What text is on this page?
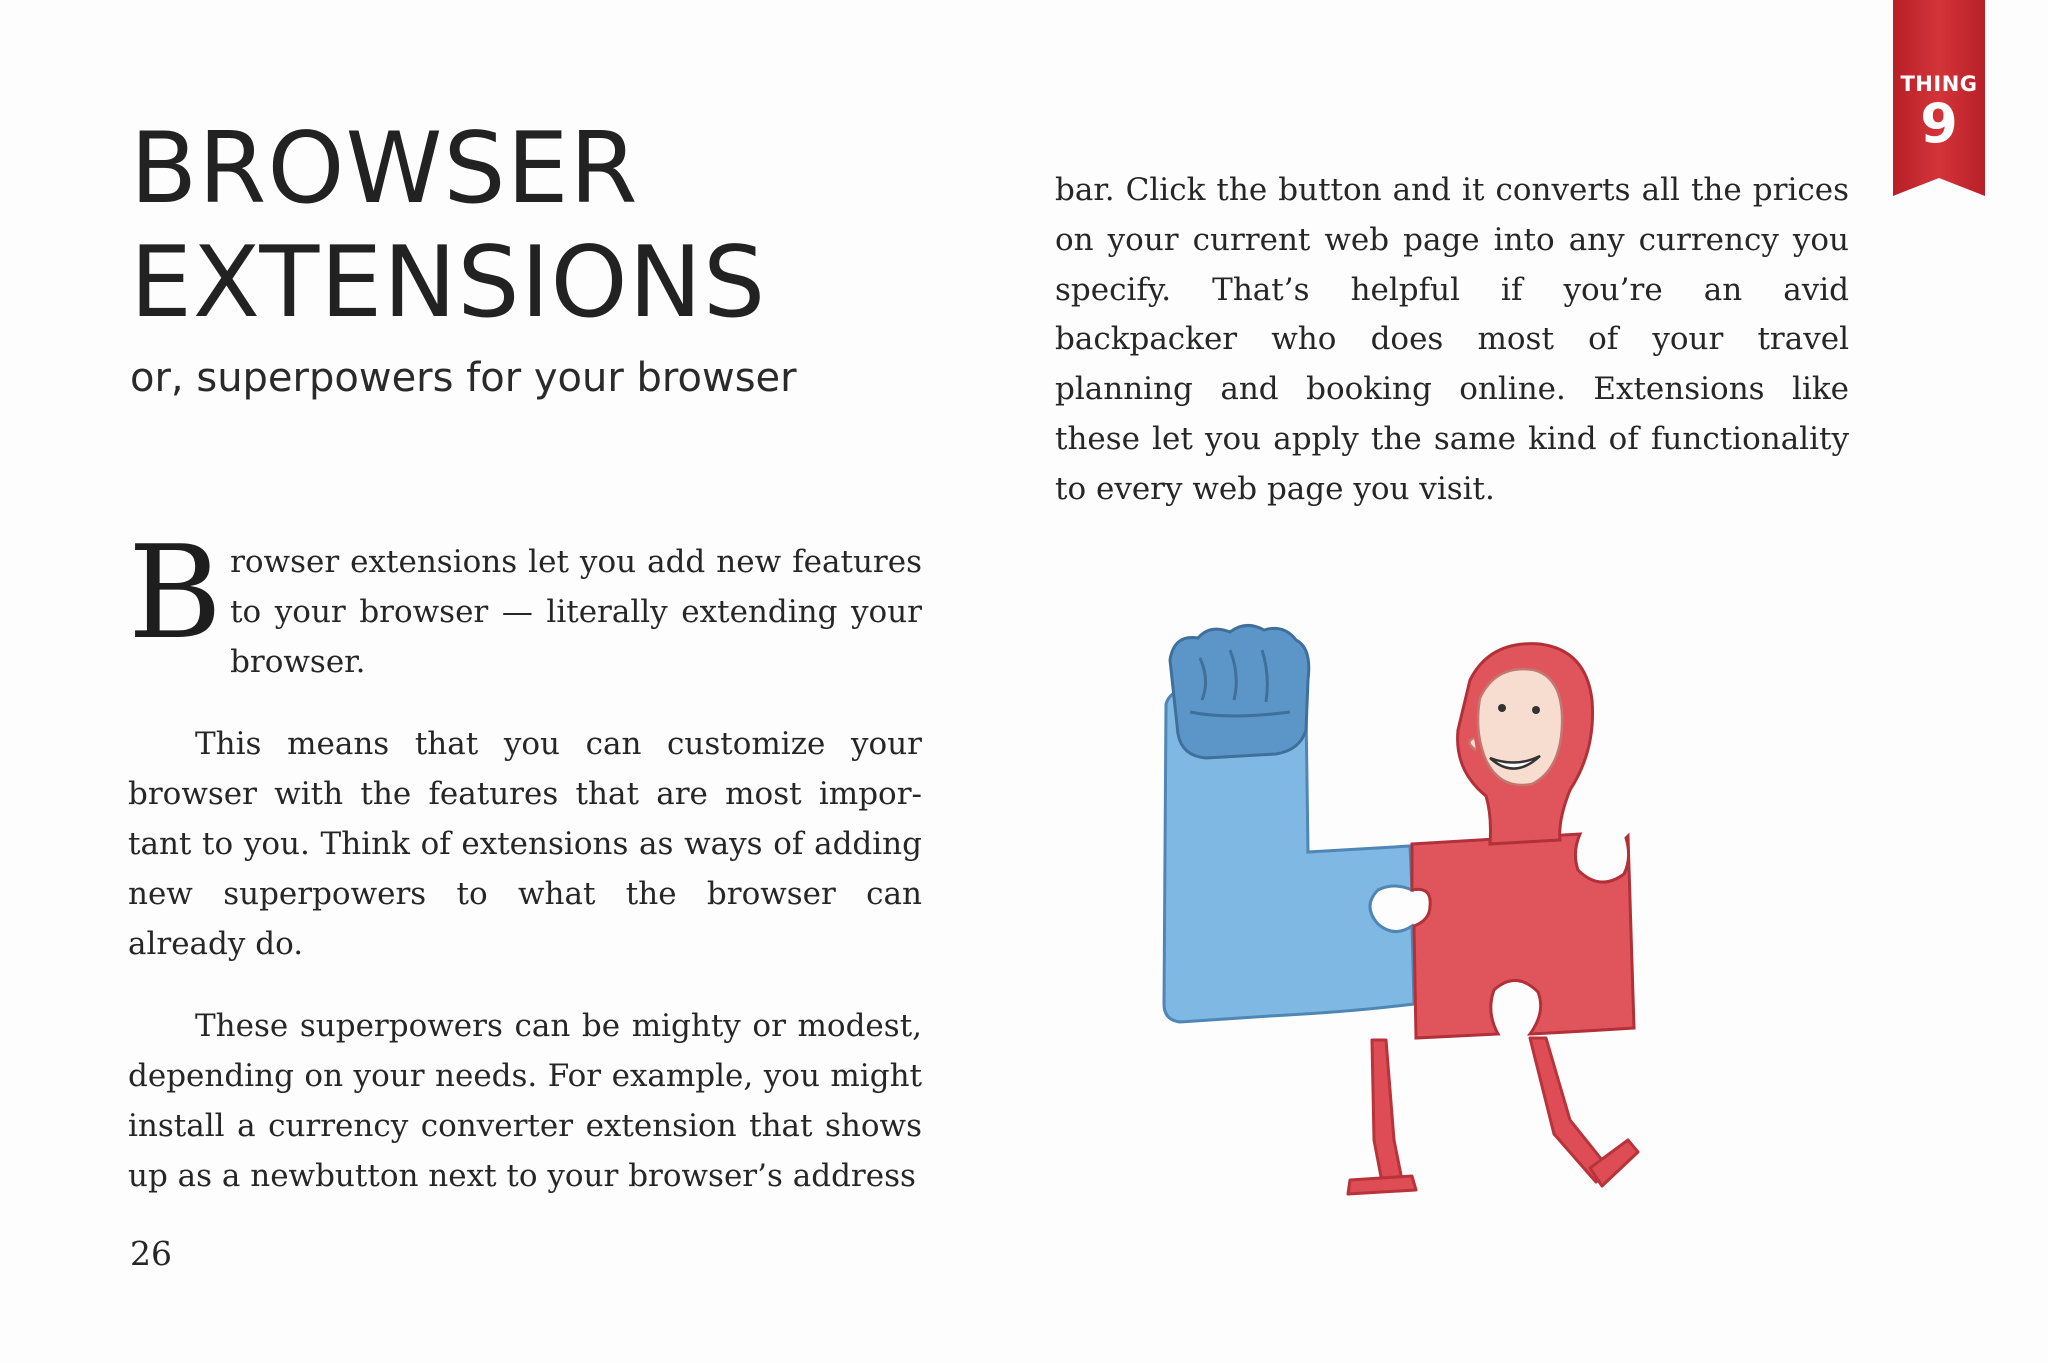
THING
9
BROWSER
EXTENSIONS
or, superpowers for your browser

Browser extensions let you add new features to your browser — literally extending your browser.

This means that you can customize your browser with the features that are most important to you. Think of extensions as ways of adding new superpowers to what the browser can already do.

These superpowers can be mighty or modest, depending on your needs. For example, you might install a currency converter extension that shows up as a newbutton next to your browser’s address

bar. Click the button and it converts all the prices on your current web page into any currency you specify. That’s helpful if you’re an avid backpacker who does most of your travel planning and booking online. Extensions like these let you apply the same kind of functionality to every web page you visit.

26
